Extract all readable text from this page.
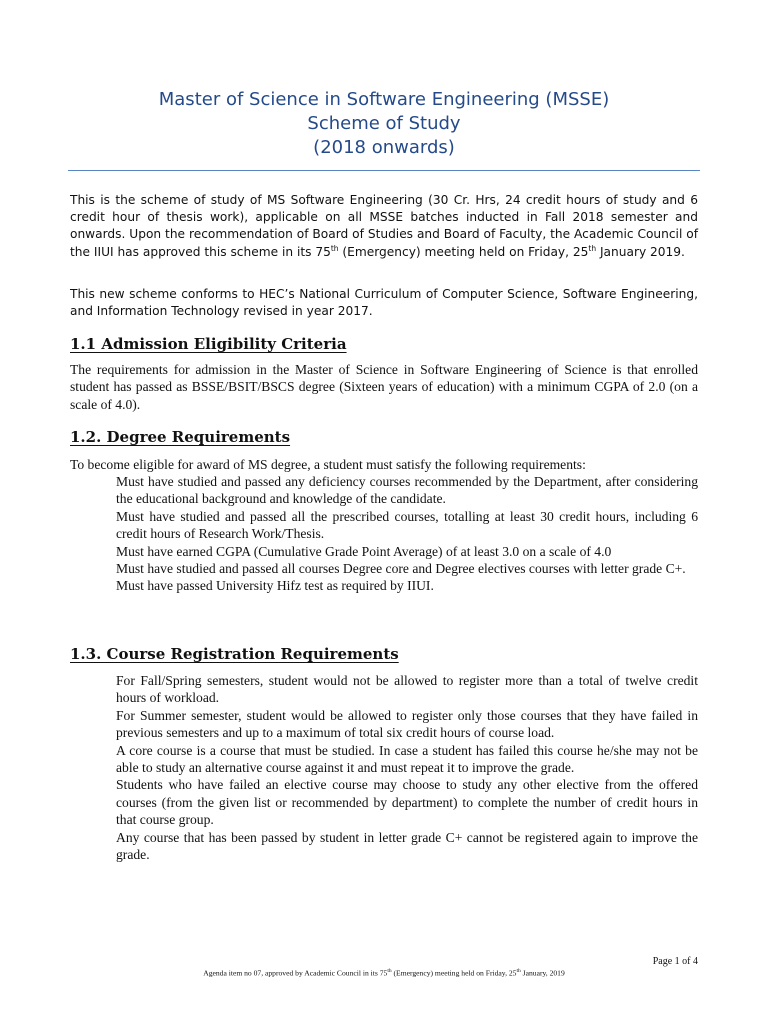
Master of Science in Software Engineering (MSSE)
Scheme of Study
(2018 onwards)

This is the scheme of study of MS Software Engineering (30 Cr. Hrs, 24 credit hours of study and 6 credit hour of thesis work), applicable on all MSSE batches inducted in Fall 2018 semester and onwards. Upon the recommendation of Board of Studies and Board of Faculty, the Academic Council of the IIUI has approved this scheme in its 75th (Emergency) meeting held on Friday, 25th January 2019.

This new scheme conforms to HEC’s National Curriculum of Computer Science, Software Engineering, and Information Technology revised in year 2017.

1.1 Admission Eligibility Criteria

The requirements for admission in the Master of Science in Software Engineering of Science is that enrolled student has passed as BSSE/BSIT/BSCS degree (Sixteen years of education) with a minimum CGPA of 2.0 (on a scale of 4.0).

1.2. Degree Requirements

To become eligible for award of MS degree, a student must satisfy the following requirements:

Must have studied and passed any deficiency courses recommended by the Department, after considering the educational background and knowledge of the candidate.
Must have studied and passed all the prescribed courses, totalling at least 30 credit hours, including 6 credit hours of Research Work/Thesis.
Must have earned CGPA (Cumulative Grade Point Average) of at least 3.0 on a scale of 4.0
Must have studied and passed all courses Degree core and Degree electives courses with letter grade C+.
Must have passed University Hifz test as required by IIUI.
1.3. Course Registration Requirements
For Fall/Spring semesters, student would not be allowed to register more than a total of twelve credit hours of workload.
For Summer semester, student would be allowed to register only those courses that they have failed in previous semesters and up to a maximum of total six credit hours of course load.
A core course is a course that must be studied. In case a student has failed this course he/she may not be able to study an alternative course against it and must repeat it to improve the grade.
Students who have failed an elective course may choose to study any other elective from the offered courses (from the given list or recommended by department) to complete the number of credit hours in that course group.
Any course that has been passed by student in letter grade C+ cannot be registered again to improve the grade.
Page 1 of 4
Agenda item no 07, approved by Academic Council in its 75th (Emergency) meeting held on Friday, 25th January, 2019
